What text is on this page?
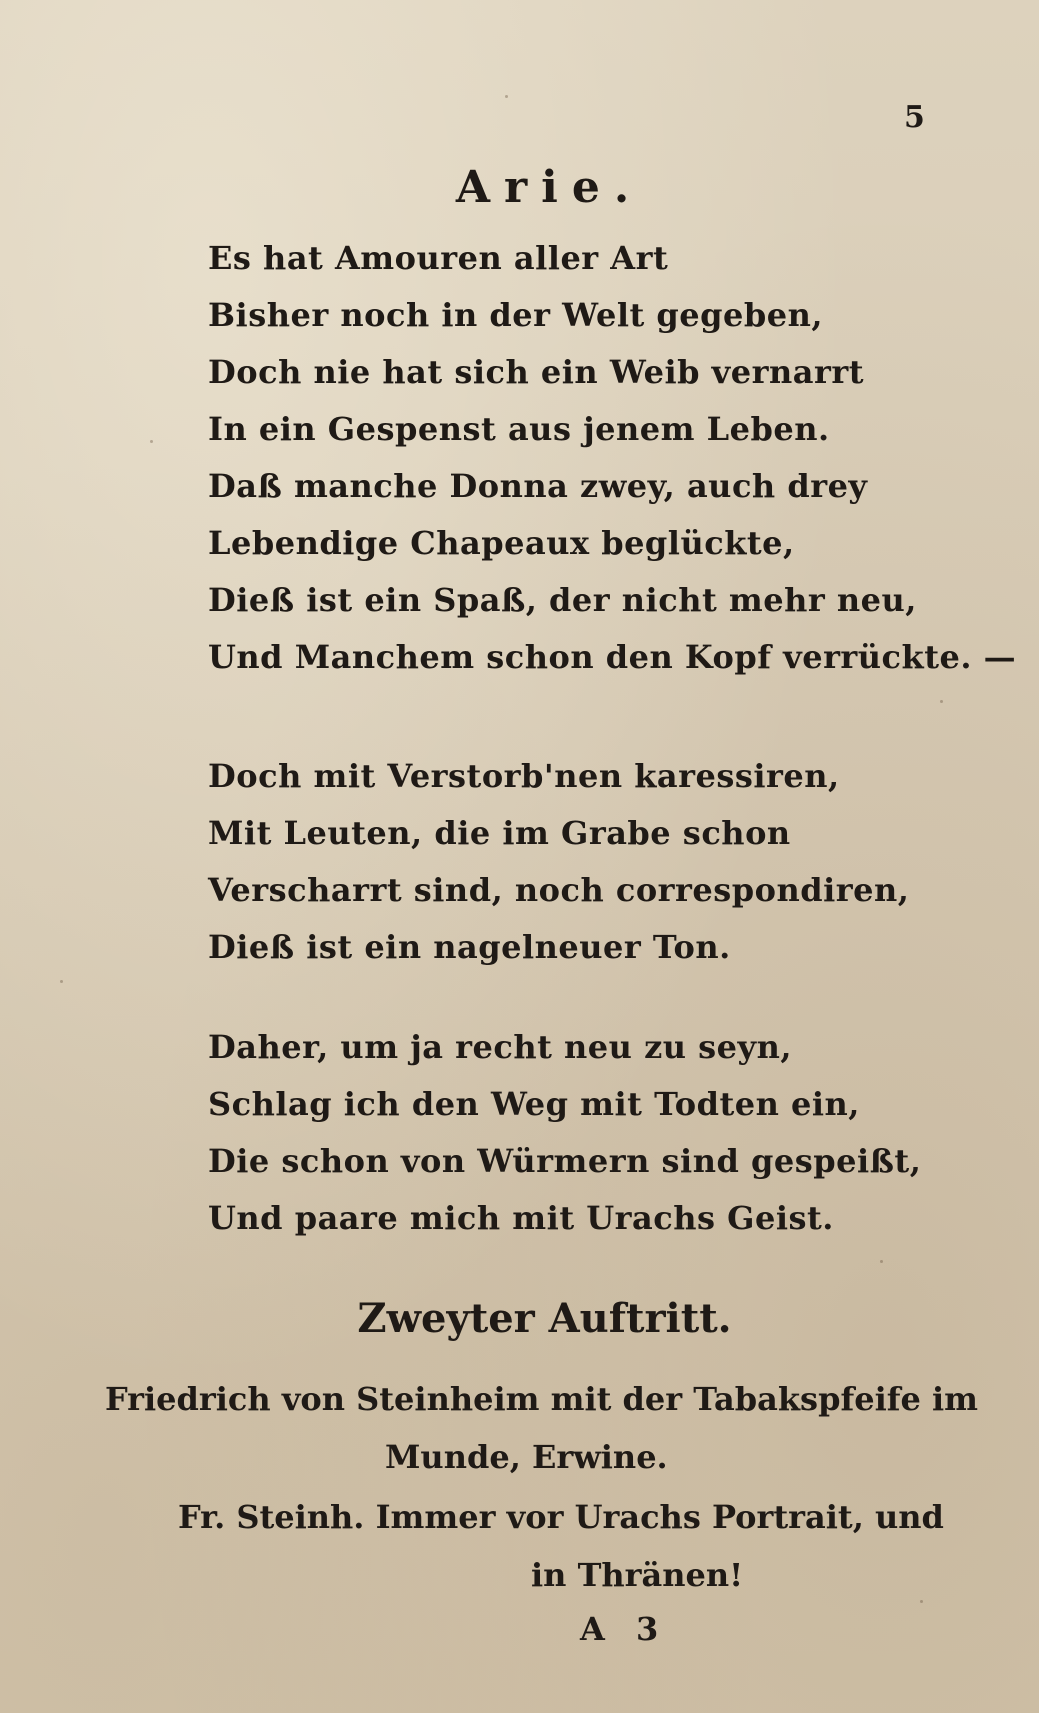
5
Arie.
Es hat Amouren aller Art
Bisher noch in der Welt gegeben,
Doch nie hat sich ein Weib vernarrt
In ein Gespenst aus jenem Leben.
Daß manche Donna zwey, auch drey
Lebendige Chapeaux beglückte,
Dieß ist ein Spaß, der nicht mehr neu,
Und Manchem schon den Kopf verrückte. —
Doch mit Verstorb'nen karessiren,
Mit Leuten, die im Grabe schon
Verscharrt sind, noch correspondiren,
Dieß ist ein nagelneuer Ton.
Daher, um ja recht neu zu seyn,
Schlag ich den Weg mit Todten ein,
Die schon von Würmern sind gespeißt,
Und paare mich mit Urachs Geist.
Zweyter Auftritt.
Friedrich von Steinheim mit der Tabakspfeife im
Munde, Erwine.
Fr. Steinh. Immer vor Urachs Portrait, und
in Thränen!
A 3
